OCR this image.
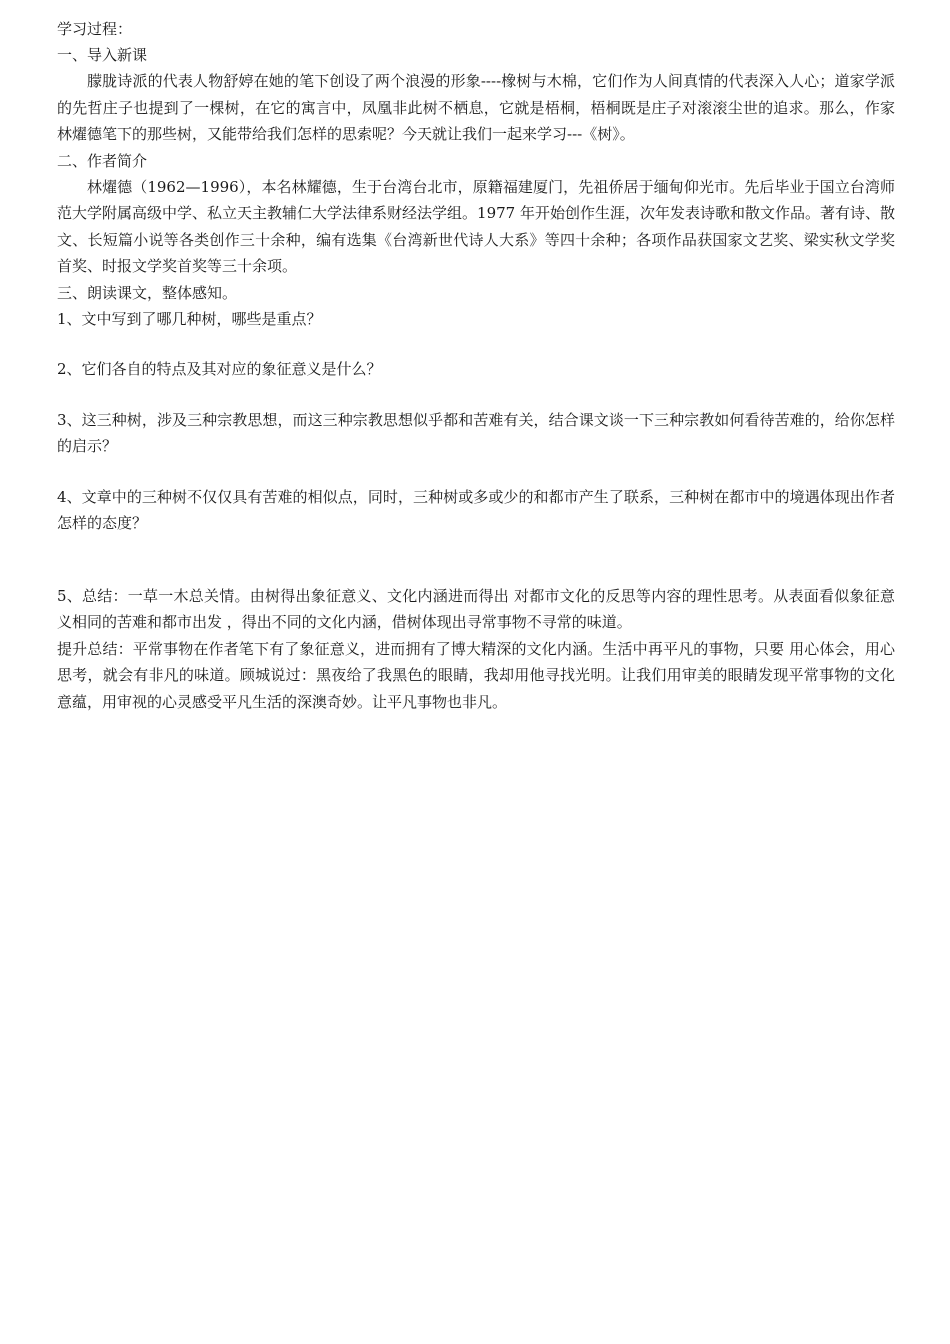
学习过程：

一、导入新课

朦胧诗派的代表人物舒婷在她的笔下创设了两个浪漫的形象----橡树与木棉，它们作为人间真情的代表深入人心；道家学派的先哲庄子也提到了一棵树，在它的寓言中，凤凰非此树不栖息，它就是梧桐，梧桐既是庄子对滚滚尘世的追求。那么，作家林燿德笔下的那些树，又能带给我们怎样的思索呢？今天就让我们一起来学习---《树》。

二、作者简介

林燿德（1962—1996），本名林耀德，生于台湾台北市，原籍福建厦门，先祖侨居于缅甸仰光市。先后毕业于国立台湾师范大学附属高级中学、私立天主教辅仁大学法律系财经法学组。1977 年开始创作生涯，次年发表诗歌和散文作品。著有诗、散文、长短篇小说等各类创作三十余种，编有选集《台湾新世代诗人大系》等四十余种；各项作品获国家文艺奖、梁实秋文学奖首奖、时报文学奖首奖等三十余项。

三、朗读课文，整体感知。

1、文中写到了哪几种树，哪些是重点？

2、它们各自的特点及其对应的象征意义是什么？

3、这三种树，涉及三种宗教思想，而这三种宗教思想似乎都和苦难有关，结合课文谈一下三种宗教如何看待苦难的，给你怎样的启示？

4、文章中的三种树不仅仅具有苦难的相似点，同时，三种树或多或少的和都市产生了联系，三种树在都市中的境遇体现出作者怎样的态度？

5、总结：一草一木总关情。由树得出象征意义、文化内涵进而得出 对都市文化的反思等内容的理性思考。从表面看似象征意义相同的苦难和都市出发 ，得出不同的文化内涵，借树体现出寻常事物不寻常的味道。

提升总结：平常事物在作者笔下有了象征意义，进而拥有了博大精深的文化内涵。生活中再平凡的事物，只要 用心体会，用心思考，就会有非凡的味道。顾城说过：黑夜给了我黑色的眼睛，我却用他寻找光明。让我们用审美的眼睛发现平常事物的文化意蕴，用审视的心灵感受平凡生活的深澳奇妙。让平凡事物也非凡。
